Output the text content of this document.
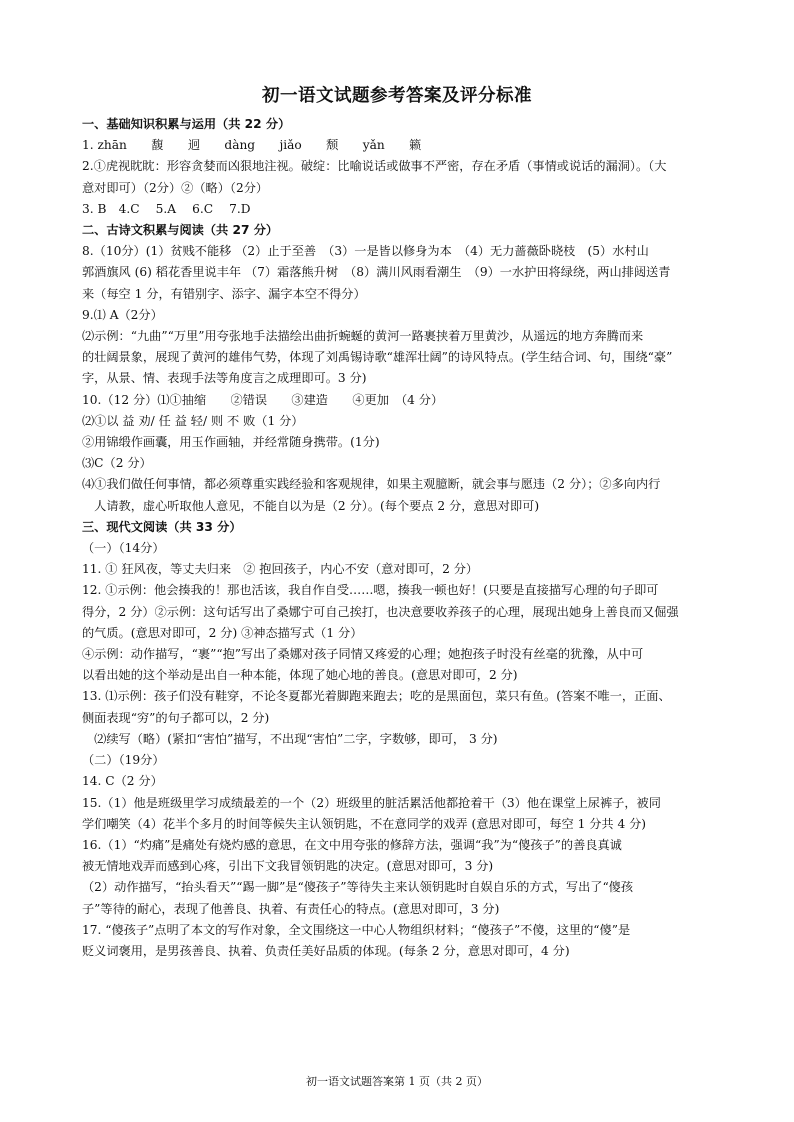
初一语文试题参考答案及评分标准

一、基础知识积累与运用（共 22 分）

1. zhān　　馥　　迥　　dàng　　jiǎo　　颓　　yǎn　　籁

2.①虎视眈眈：形容贪婪而凶狠地注视。破绽：比喻说话或做事不严密，存在矛盾（事情或说话的漏洞）。（大

意对即可）（2分）②（略）（2分）

3. B　4.C　 5.A　 6.C　 7.D

二、古诗文积累与阅读（共 27 分）

8.（10分）(1）贫贱不能移 （2）止于至善　（3）一是皆以修身为本　（4）无力蔷薇卧晓枝　(5）水村山

郭酒旗风 (6) 稻花香里说丰年 （7）霜落熊升树　（8）满川风雨看潮生　（9）一水护田将绿绕，两山排闼送青

来（每空 1 分，有错别字、添字、漏字本空不得分）

9.⑴ A（2分）

⑵示例：“九曲”“万里”用夸张地手法描绘出曲折蜿蜒的黄河一路裹挟着万里黄沙，从遥远的地方奔腾而来

的壮阔景象，展现了黄河的雄伟气势，体现了刘禹锡诗歌“雄浑壮阔”的诗风特点。(学生结合词、句，围绕“豪”

字，从景、情、表现手法等角度言之成理即可。3 分)

10.（12 分）⑴①抽缩　　②错误　　③建造　　④更加　（4 分）

⑵①以 益 劝/ 任 益 轻/ 则 不 败（1 分）

②用锦缎作画囊，用玉作画轴，并经常随身携带。(1分)

⑶C（2 分）

⑷①我们做任何事情，都必须尊重实践经验和客观规律，如果主观臆断，就会事与愿违（2 分）；②多向内行

　人请教，虚心听取他人意见，不能自以为是（2 分）。(每个要点 2 分，意思对即可)

三、现代文阅读（共 33 分）

（一）（14分）

11. ① 狂风夜，等丈夫归来　② 抱回孩子，内心不安（意对即可，2 分）

12. ①示例：他会揍我的！那也活该，我自作自受……嗯，揍我一顿也好！(只要是直接描写心理的句子即可

得分，2 分）②示例：这句话写出了桑娜宁可自己挨打，也决意要收养孩子的心理，展现出她身上善良而又倔强

的气质。(意思对即可，2 分) ③神态描写式（1 分）

④示例：动作描写，“裹”“抱”写出了桑娜对孩子同情又疼爱的心理；她抱孩子时没有丝毫的犹豫，从中可

以看出她的这个举动是出自一种本能，体现了她心地的善良。(意思对即可，2 分)

13. ⑴示例：孩子们没有鞋穿，不论冬夏都光着脚跑来跑去；吃的是黑面包，菜只有鱼。(答案不唯一，正面、

侧面表现“穷”的句子都可以，2 分)

　⑵续写（略）(紧扣“害怕”描写，不出现“害怕”二字，字数够，即可， 3 分)

（二）（19分）

14. C（2 分）

15.（1）他是班级里学习成绩最差的一个（2）班级里的脏活累活他都抢着干（3）他在课堂上尿裤子，被同

学们嘲笑（4）花半个多月的时间等候失主认领钥匙，不在意同学的戏弄 (意思对即可，每空 1 分共 4 分)

16.（1）“灼痛”是痛处有烧灼感的意思，在文中用夸张的修辞方法，强调“我”为“傻孩子”的善良真诚

被无情地戏弄而感到心疼，引出下文我冒领钥匙的决定。(意思对即可，3 分)

（2）动作描写，“抬头看天”“踢一脚”是“傻孩子”等待失主来认领钥匙时自娱自乐的方式，写出了“傻孩

子”等待的耐心，表现了他善良、执着、有责任心的特点。(意思对即可，3 分)

17. “傻孩子”点明了本文的写作对象，全文围绕这一中心人物组织材料；“傻孩子”不傻，这里的“傻”是

贬义词褒用，是男孩善良、执着、负责任美好品质的体现。(每条 2 分，意思对即可，4 分)

初一语文试题答案第 1 页（共 2 页）
